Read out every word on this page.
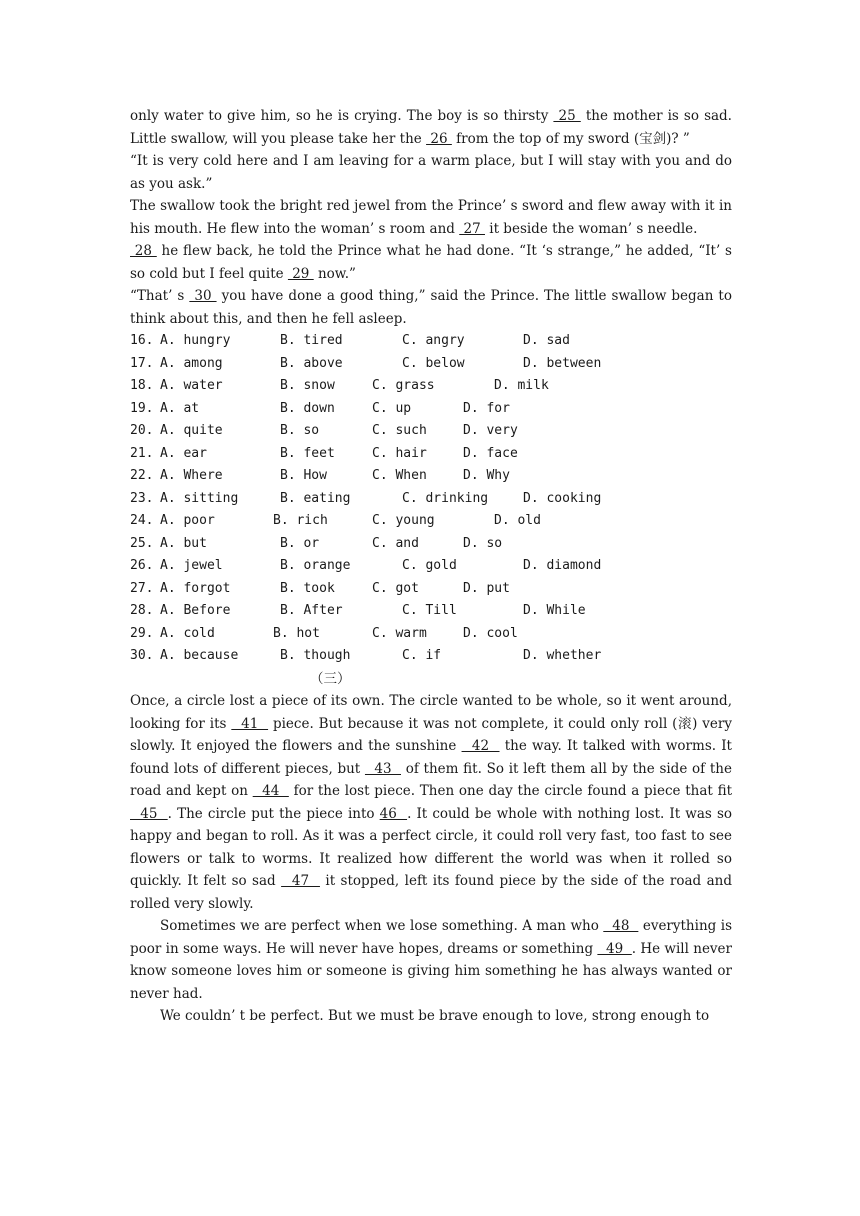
only water to give him, so he is crying. The boy is so thirsty  25  the mother is so sad. Little swallow, will you please take her the  26  from the top of my sword (宝剑)? ”

“It is very cold here and I am leaving for a warm place, but I will stay with you and do as you ask.”

The swallow took the bright red jewel from the Prince’ s sword and flew away with it in his mouth. He flew into the woman’ s room and  27  it beside the woman’ s needle.

28  he flew back, he told the Prince what he had done. “It ‘s strange,” he added, “It’ s so cold but I feel quite  29  now.”

“That’ s  30  you have done a good thing,” said the Prince. The little swallow began to think about this, and then he fell asleep.

16. A. hungry	B. tired	C. angry	D. sad
17. A. among	B. above	C. below	D. between
18. A. water	B. snow	C. grass	D. milk
19. A. at	B. down	C. up	D. for
20. A. quite	B. so	C. such	D. very
21. A. ear	B. feet	C. hair	D. face
22. A. Where	B. How	C. When	D. Why
23. A. sitting	B. eating	C. drinking	D. cooking
24. A. poor	B. rich	C. young	D. old
25. A. but	B. or	C. and	D. so
26. A. jewel	B. orange	C. gold	D. diamond
27. A. forgot	B. took	C. got	D. put
28. A. Before	B. After	C. Till	D. While
29. A. cold	B. hot	C. warm	D. cool
30. A. because	B. though	C. if	D. whether

（三）

Once, a circle lost a piece of its own. The circle wanted to be whole, so it went around, looking for its   41   piece. But because it was not complete, it could only roll (滚) very slowly. It enjoyed the flowers and the sunshine   42   the way. It talked with worms. It found lots of different pieces, but   43   of them fit. So it left them all by the side of the road and kept on   44   for the lost piece. Then one day the circle found a piece that fit   45  . The circle put the piece into 46  . It could be whole with nothing lost. It was so happy and began to roll. As it was a perfect circle, it could roll very fast, too fast to see flowers or talk to worms. It realized how different the world was when it rolled so quickly. It felt so sad   47   it stopped, left its found piece by the side of the road and rolled very slowly.

Sometimes we are perfect when we lose something. A man who   48   everything is poor in some ways. He will never have hopes, dreams or something   49  . He will never know someone loves him or someone is giving him something he has always wanted or never had.

We couldn’ t be perfect. But we must be brave enough to love, strong enough to
